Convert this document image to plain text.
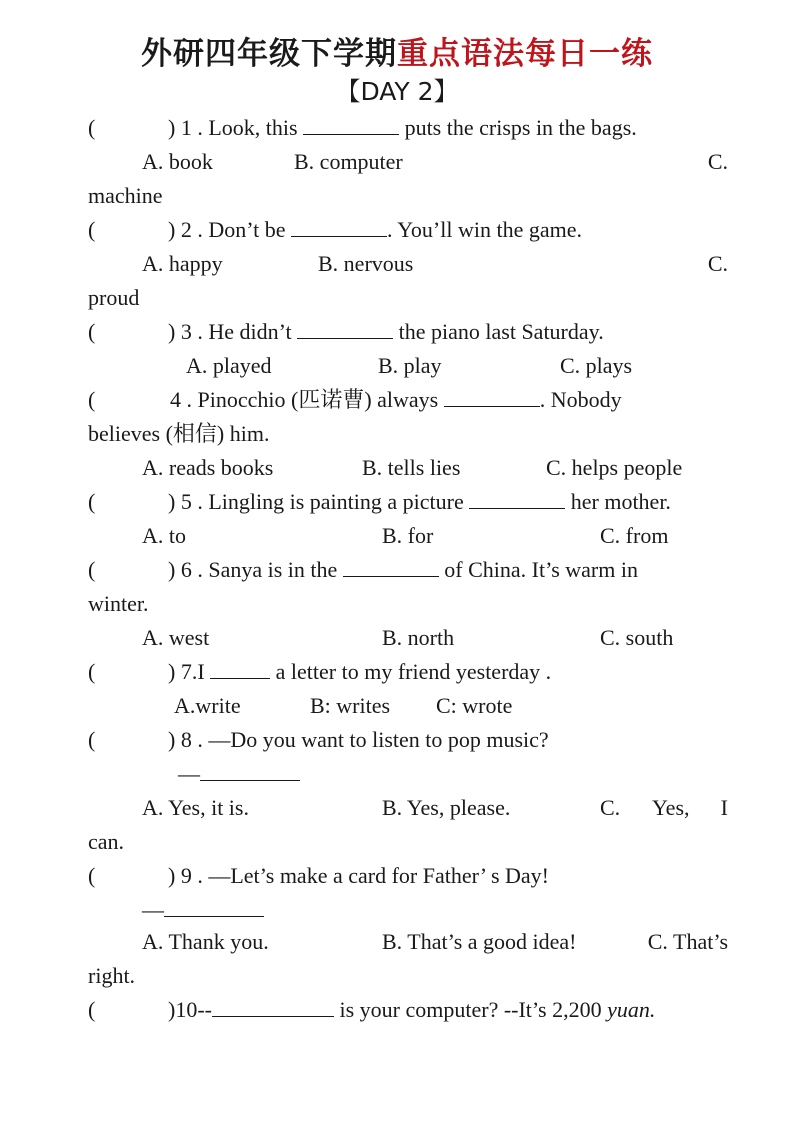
外研四年级下学期重点语法每日一练
【DAY 2】
(	) 1 . Look, this	puts the crisps in the bags.
A. book	B. computer	C.
machine
(	) 2 . Don’t be	. You’ll win the game.
A. happy	B. nervous	C.
proud
(	) 3 . He didn’t	the piano last Saturday.
A. played	B. play	C. plays
(	4 . Pinocchio (匹诺曹) always	. Nobody
believes (相信) him.
A. reads books	B. tells lies	C. helps people
(	) 5 . Lingling is painting a picture	her mother.
A. to	B. for	C. from
(	) 6 . Sanya is in the	of China. It’s warm in
winter.
A. west	B. north	C. south
(	) 7.I	a letter to my friend yesterday .
A.write	B: writes C: wrote
(	) 8 . —Do you want to listen to pop music?
—
A. Yes, it is.	B. Yes, please.	C. Yes, I
can.
(	) 9 . —Let’s make a card for Father’ s Day!
—
A. Thank you.	B. That’s a good idea!	C. That’s
right.
(	)10--	is your computer? --It’s 2,200 yuan.
